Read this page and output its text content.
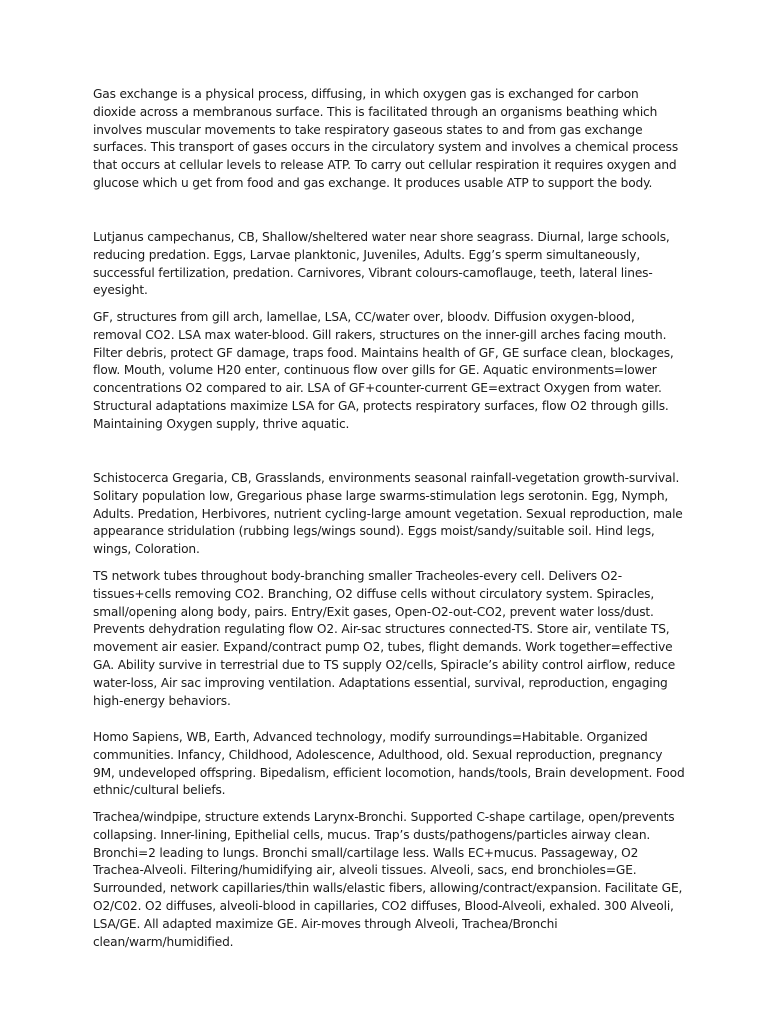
Gas exchange is a physical process, diffusing, in which oxygen gas is exchanged for carbon dioxide across a membranous surface. This is facilitated through an organisms beathing which involves muscular movements to take respiratory gaseous states to and from gas exchange surfaces. This transport of gases occurs in the circulatory system and involves a chemical process that occurs at cellular levels to release ATP. To carry out cellular respiration it requires oxygen and glucose which u get from food and gas exchange. It produces usable ATP to support the body.

Lutjanus campechanus, CB, Shallow/sheltered water near shore seagrass. Diurnal, large schools, reducing predation. Eggs, Larvae planktonic, Juveniles, Adults. Egg’s sperm simultaneously, successful fertilization, predation. Carnivores, Vibrant colours-camoflauge, teeth, lateral lines-eyesight.

GF, structures from gill arch, lamellae, LSA, CC/water over, bloodv. Diffusion oxygen-blood, removal CO2. LSA max water-blood. Gill rakers, structures on the inner-gill arches facing mouth. Filter debris, protect GF damage, traps food. Maintains health of GF, GE surface clean, blockages, flow. Mouth, volume H20 enter, continuous flow over gills for GE. Aquatic environments=lower concentrations O2 compared to air. LSA of GF+counter-current GE=extract Oxygen from water. Structural adaptations maximize LSA for GA, protects respiratory surfaces, flow O2 through gills. Maintaining Oxygen supply, thrive aquatic.

Schistocerca Gregaria, CB, Grasslands, environments seasonal rainfall-vegetation growth-survival. Solitary population low, Gregarious phase large swarms-stimulation legs serotonin. Egg, Nymph, Adults. Predation, Herbivores, nutrient cycling-large amount vegetation. Sexual reproduction, male appearance stridulation (rubbing legs/wings sound). Eggs moist/sandy/suitable soil. Hind legs, wings, Coloration.

TS network tubes throughout body-branching smaller Tracheoles-every cell. Delivers O2-tissues+cells removing CO2. Branching, O2 diffuse cells without circulatory system. Spiracles, small/opening along body, pairs. Entry/Exit gases, Open-O2-out-CO2, prevent water loss/dust. Prevents dehydration regulating flow O2. Air-sac structures connected-TS. Store air, ventilate TS, movement air easier. Expand/contract pump O2, tubes, flight demands. Work together=effective GA. Ability survive in terrestrial due to TS supply O2/cells, Spiracle’s ability control airflow, reduce water-loss, Air sac improving ventilation. Adaptations essential, survival, reproduction, engaging high-energy behaviors.

Homo Sapiens, WB, Earth, Advanced technology, modify surroundings=Habitable. Organized communities. Infancy, Childhood, Adolescence, Adulthood, old. Sexual reproduction, pregnancy 9M, undeveloped offspring. Bipedalism, efficient locomotion, hands/tools, Brain development. Food ethnic/cultural beliefs.

Trachea/windpipe, structure extends Larynx-Bronchi. Supported C-shape cartilage, open/prevents collapsing. Inner-lining, Epithelial cells, mucus. Trap’s dusts/pathogens/particles airway clean. Bronchi=2 leading to lungs. Bronchi small/cartilage less. Walls EC+mucus. Passageway, O2 Trachea-Alveoli. Filtering/humidifying air, alveoli tissues. Alveoli, sacs, end bronchioles=GE. Surrounded, network capillaries/thin walls/elastic fibers, allowing/contract/expansion. Facilitate GE, O2/C02. O2 diffuses, alveoli-blood in capillaries, CO2 diffuses, Blood-Alveoli, exhaled. 300 Alveoli, LSA/GE. All adapted maximize GE. Air-moves through Alveoli, Trachea/Bronchi clean/warm/humidified.
